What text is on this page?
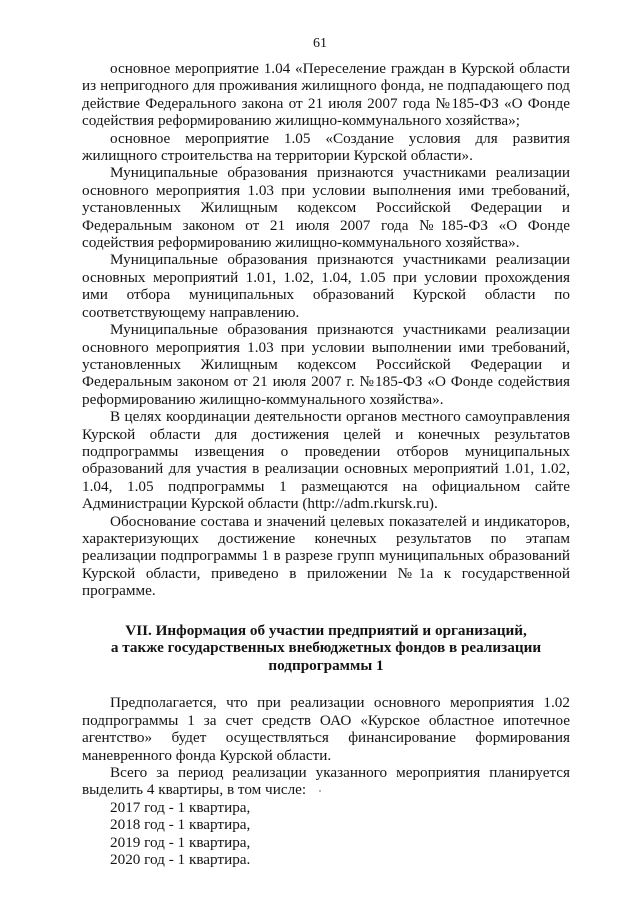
61

основное мероприятие 1.04 «Переселение граждан в Курской области из непригодного для проживания жилищного фонда, не подпадающего под действие Федерального закона от 21 июля 2007 года №185-ФЗ «О Фонде содействия реформированию жилищно-коммунального хозяйства»;

основное мероприятие 1.05 «Создание условия для развития жилищного строительства на территории Курской области».

Муниципальные образования признаются участниками реализации основного мероприятия 1.03 при условии выполнения ими требований, установленных Жилищным кодексом Российской Федерации и Федеральным законом от 21 июля 2007 года №185-ФЗ «О Фонде содействия реформированию жилищно-коммунального хозяйства».

Муниципальные образования признаются участниками реализации основных мероприятий 1.01, 1.02, 1.04, 1.05 при условии прохождения ими отбора муниципальных образований Курской области по соответствующему направлению.

Муниципальные образования признаются участниками реализации основного мероприятия 1.03 при условии выполнении ими требований, установленных Жилищным кодексом Российской Федерации и Федеральным законом от 21 июля 2007 г. №185-ФЗ «О Фонде содействия реформированию жилищно-коммунального хозяйства».

В целях координации деятельности органов местного самоуправления Курской области для достижения целей и конечных результатов подпрограммы извещения о проведении отборов муниципальных образований для участия в реализации основных мероприятий 1.01, 1.02, 1.04, 1.05 подпрограммы 1 размещаются на официальном сайте Администрации Курской области (http://adm.rkursk.ru).

Обоснование состава и значений целевых показателей и индикаторов, характеризующих достижение конечных результатов по этапам реализации подпрограммы 1 в разрезе групп муниципальных образований Курской области, приведено в приложении №1а к государственной программе.

VII. Информация об участии предприятий и организаций,
а также государственных внебюджетных фондов в реализации
подпрограммы 1

Предполагается, что при реализации основного мероприятия 1.02 подпрограммы 1 за счет средств ОАО «Курское областное ипотечное агентство» будет осуществляться финансирование формирования маневренного фонда Курской области.

Всего за период реализации указанного мероприятия планируется выделить 4 квартиры, в том числе:

2017 год - 1 квартира,
2018 год - 1 квартира,
2019 год - 1 квартира,
2020 год - 1 квартира.
